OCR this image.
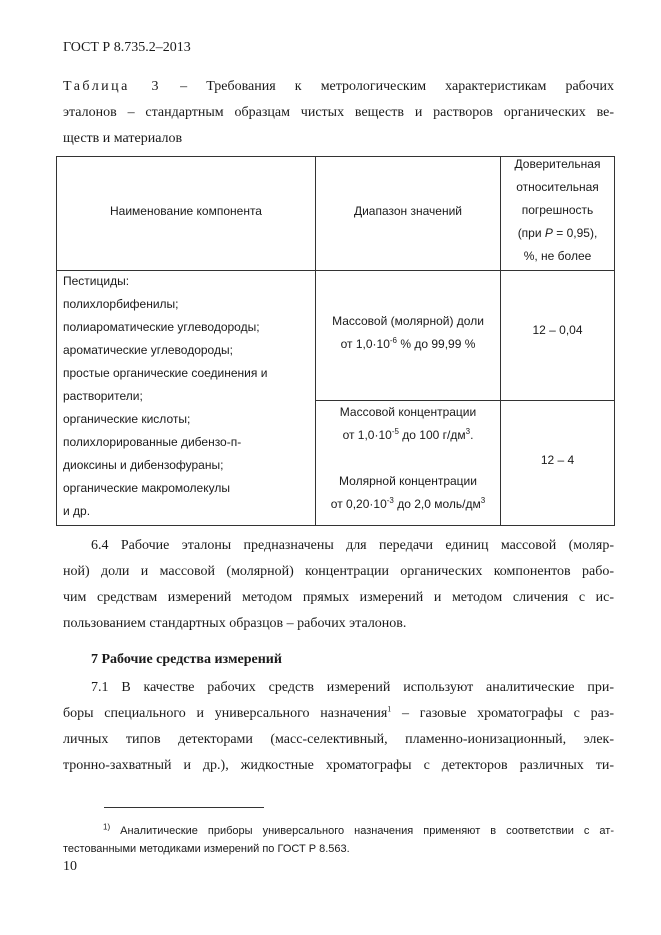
ГОСТ Р 8.735.2–2013
Таблица 3 – Требования к метрологическим характеристикам рабочих
эталонов – стандартным образцам чистых веществ и растворов органических ве-
ществ и материалов
Наименование компонента	Диапазон значений
Доверительная
относительная
погрешность
(при P = 0,95),
%, не более
Пестициды:
полихлорбифенилы;
полиароматические углеводороды;
ароматические углеводороды;
простые органические соединения и
растворители;
органические кислоты;
полихлорированные дибензо-п-
диоксины и дибензофураны;
органические макромолекулы
и др.
Массовой (молярной) доли
от $1,0\cdot 10^{-6}$ % до 99,99 %
12 – 0,04
Массовой концентрации
от $1,0\cdot 10^{-5}$ до 100 $г/дм^3$.
Молярной концентрации
от $0,20\cdot 10^{-3}$ до 2,0 моль/$дм^3$
12 – 4
6.4 Рабочие эталоны предназначены для передачи единиц массовой (моляр-
ной) доли и массовой (молярной) концентрации органических компонентов рабо-
чим средствам измерений методом прямых измерений и методом сличения с ис-
пользованием стандартных образцов – рабочих эталонов.
7 Рабочие средства измерений
7.1 В качестве рабочих средств измерений используют аналитические при-
боры специального и универсального назначения$^1$ – газовые хроматографы с раз-
личных типов детекторами (масс-селективный, пламенно-ионизационный, элек-
тронно-захватный и др.), жидкостные хроматографы с детекторов различных ти-
$^{1)}$ Аналитические приборы универсального назначения применяют в соответствии с ат-
тестованными методиками измерений по ГОСТ Р 8.563.
10
